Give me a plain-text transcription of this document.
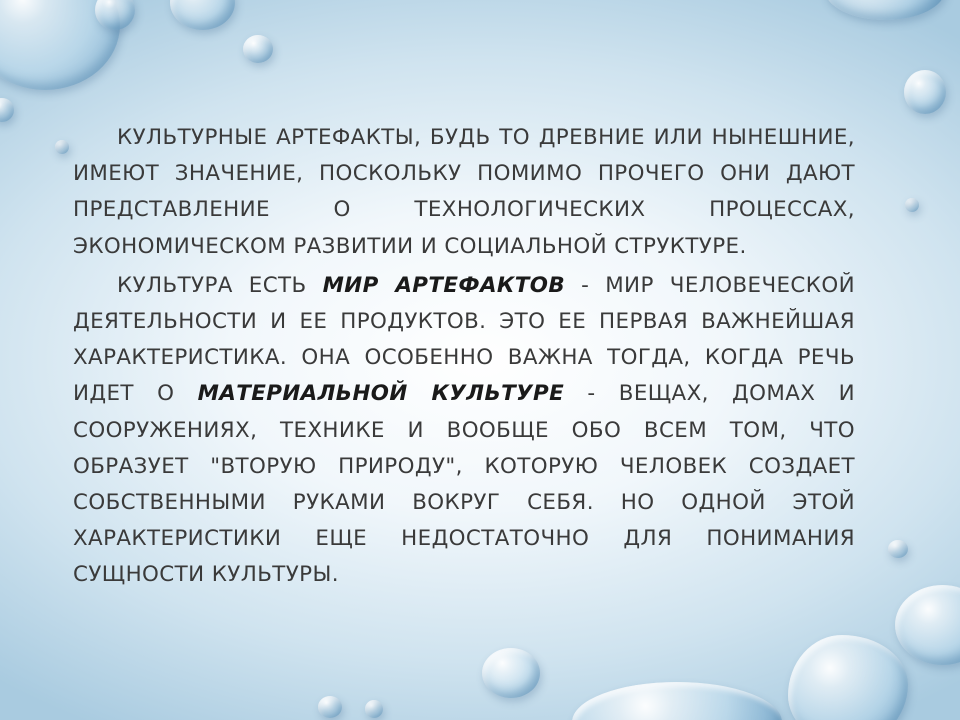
КУЛЬТУРНЫЕ АРТЕФАКТЫ, БУДЬ ТО ДРЕВНИЕ ИЛИ НЫНЕШНИЕ, ИМЕЮТ ЗНАЧЕНИЕ, ПОСКОЛЬКУ ПОМИМО ПРОЧЕГО ОНИ ДАЮТ ПРЕДСТАВЛЕНИЕ О ТЕХНОЛОГИЧЕСКИХ ПРОЦЕССАХ, ЭКОНОМИЧЕСКОМ РАЗВИТИИ И СОЦИАЛЬНОЙ СТРУКТУРЕ.

КУЛЬТУРА ЕСТЬ МИР АРТЕФАКТОВ - МИР ЧЕЛОВЕЧЕСКОЙ ДЕЯТЕЛЬНОСТИ И ЕЕ ПРОДУКТОВ. ЭТО ЕЕ ПЕРВАЯ ВАЖНЕЙШАЯ ХАРАКТЕРИСТИКА. ОНА ОСОБЕННО ВАЖНА ТОГДА, КОГДА РЕЧЬ ИДЕТ О МАТЕРИАЛЬНОЙ КУЛЬТУРЕ - ВЕЩАХ, ДОМАХ И СООРУЖЕНИЯХ, ТЕХНИКЕ И ВООБЩЕ ОБО ВСЕМ ТОМ, ЧТО ОБРАЗУЕТ "ВТОРУЮ ПРИРОДУ", КОТОРУЮ ЧЕЛОВЕК СОЗДАЕТ СОБСТВЕННЫМИ РУКАМИ ВОКРУГ СЕБЯ. НО ОДНОЙ ЭТОЙ ХАРАКТЕРИСТИКИ ЕЩЕ НЕДОСТАТОЧНО ДЛЯ ПОНИМАНИЯ СУЩНОСТИ КУЛЬТУРЫ.
